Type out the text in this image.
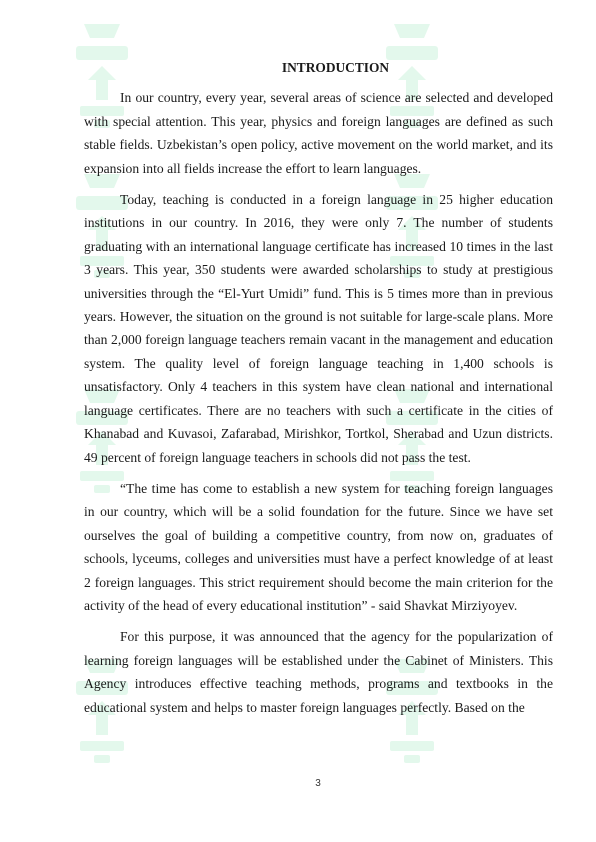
INTRODUCTION

In our country, every year, several areas of science are selected and developed with special attention. This year, physics and foreign languages are defined as such stable fields. Uzbekistan’s open policy, active movement on the world market, and its expansion into all fields increase the effort to learn languages.

Today, teaching is conducted in a foreign language in 25 higher education institutions in our country. In 2016, they were only 7. The number of students graduating with an international language certificate has increased 10 times in the last 3 years. This year, 350 students were awarded scholarships to study at prestigious universities through the “El-Yurt Umidi” fund. This is 5 times more than in previous years. However, the situation on the ground is not suitable for large-scale plans. More than 2,000 foreign language teachers remain vacant in the management and education system. The quality level of foreign language teaching in 1,400 schools is unsatisfactory. Only 4 teachers in this system have clean national and international language certificates. There are no teachers with such a certificate in the cities of Khanabad and Kuvasoi, Zafarabad, Mirishkor, Tortkol, Sherabad and Uzun districts. 49 percent of foreign language teachers in schools did not pass the test.

“The time has come to establish a new system for teaching foreign languages in our country, which will be a solid foundation for the future. Since we have set ourselves the goal of building a competitive country, from now on, graduates of schools, lyceums, colleges and universities must have a perfect knowledge of at least 2 foreign languages. This strict requirement should become the main criterion for the activity of the head of every educational institution” - said Shavkat Mirziyoyev.

For this purpose, it was announced that the agency for the popularization of learning foreign languages will be established under the Cabinet of Ministers. This Agency introduces effective teaching methods, programs and textbooks in the educational system and helps to master foreign languages perfectly. Based on the

3
